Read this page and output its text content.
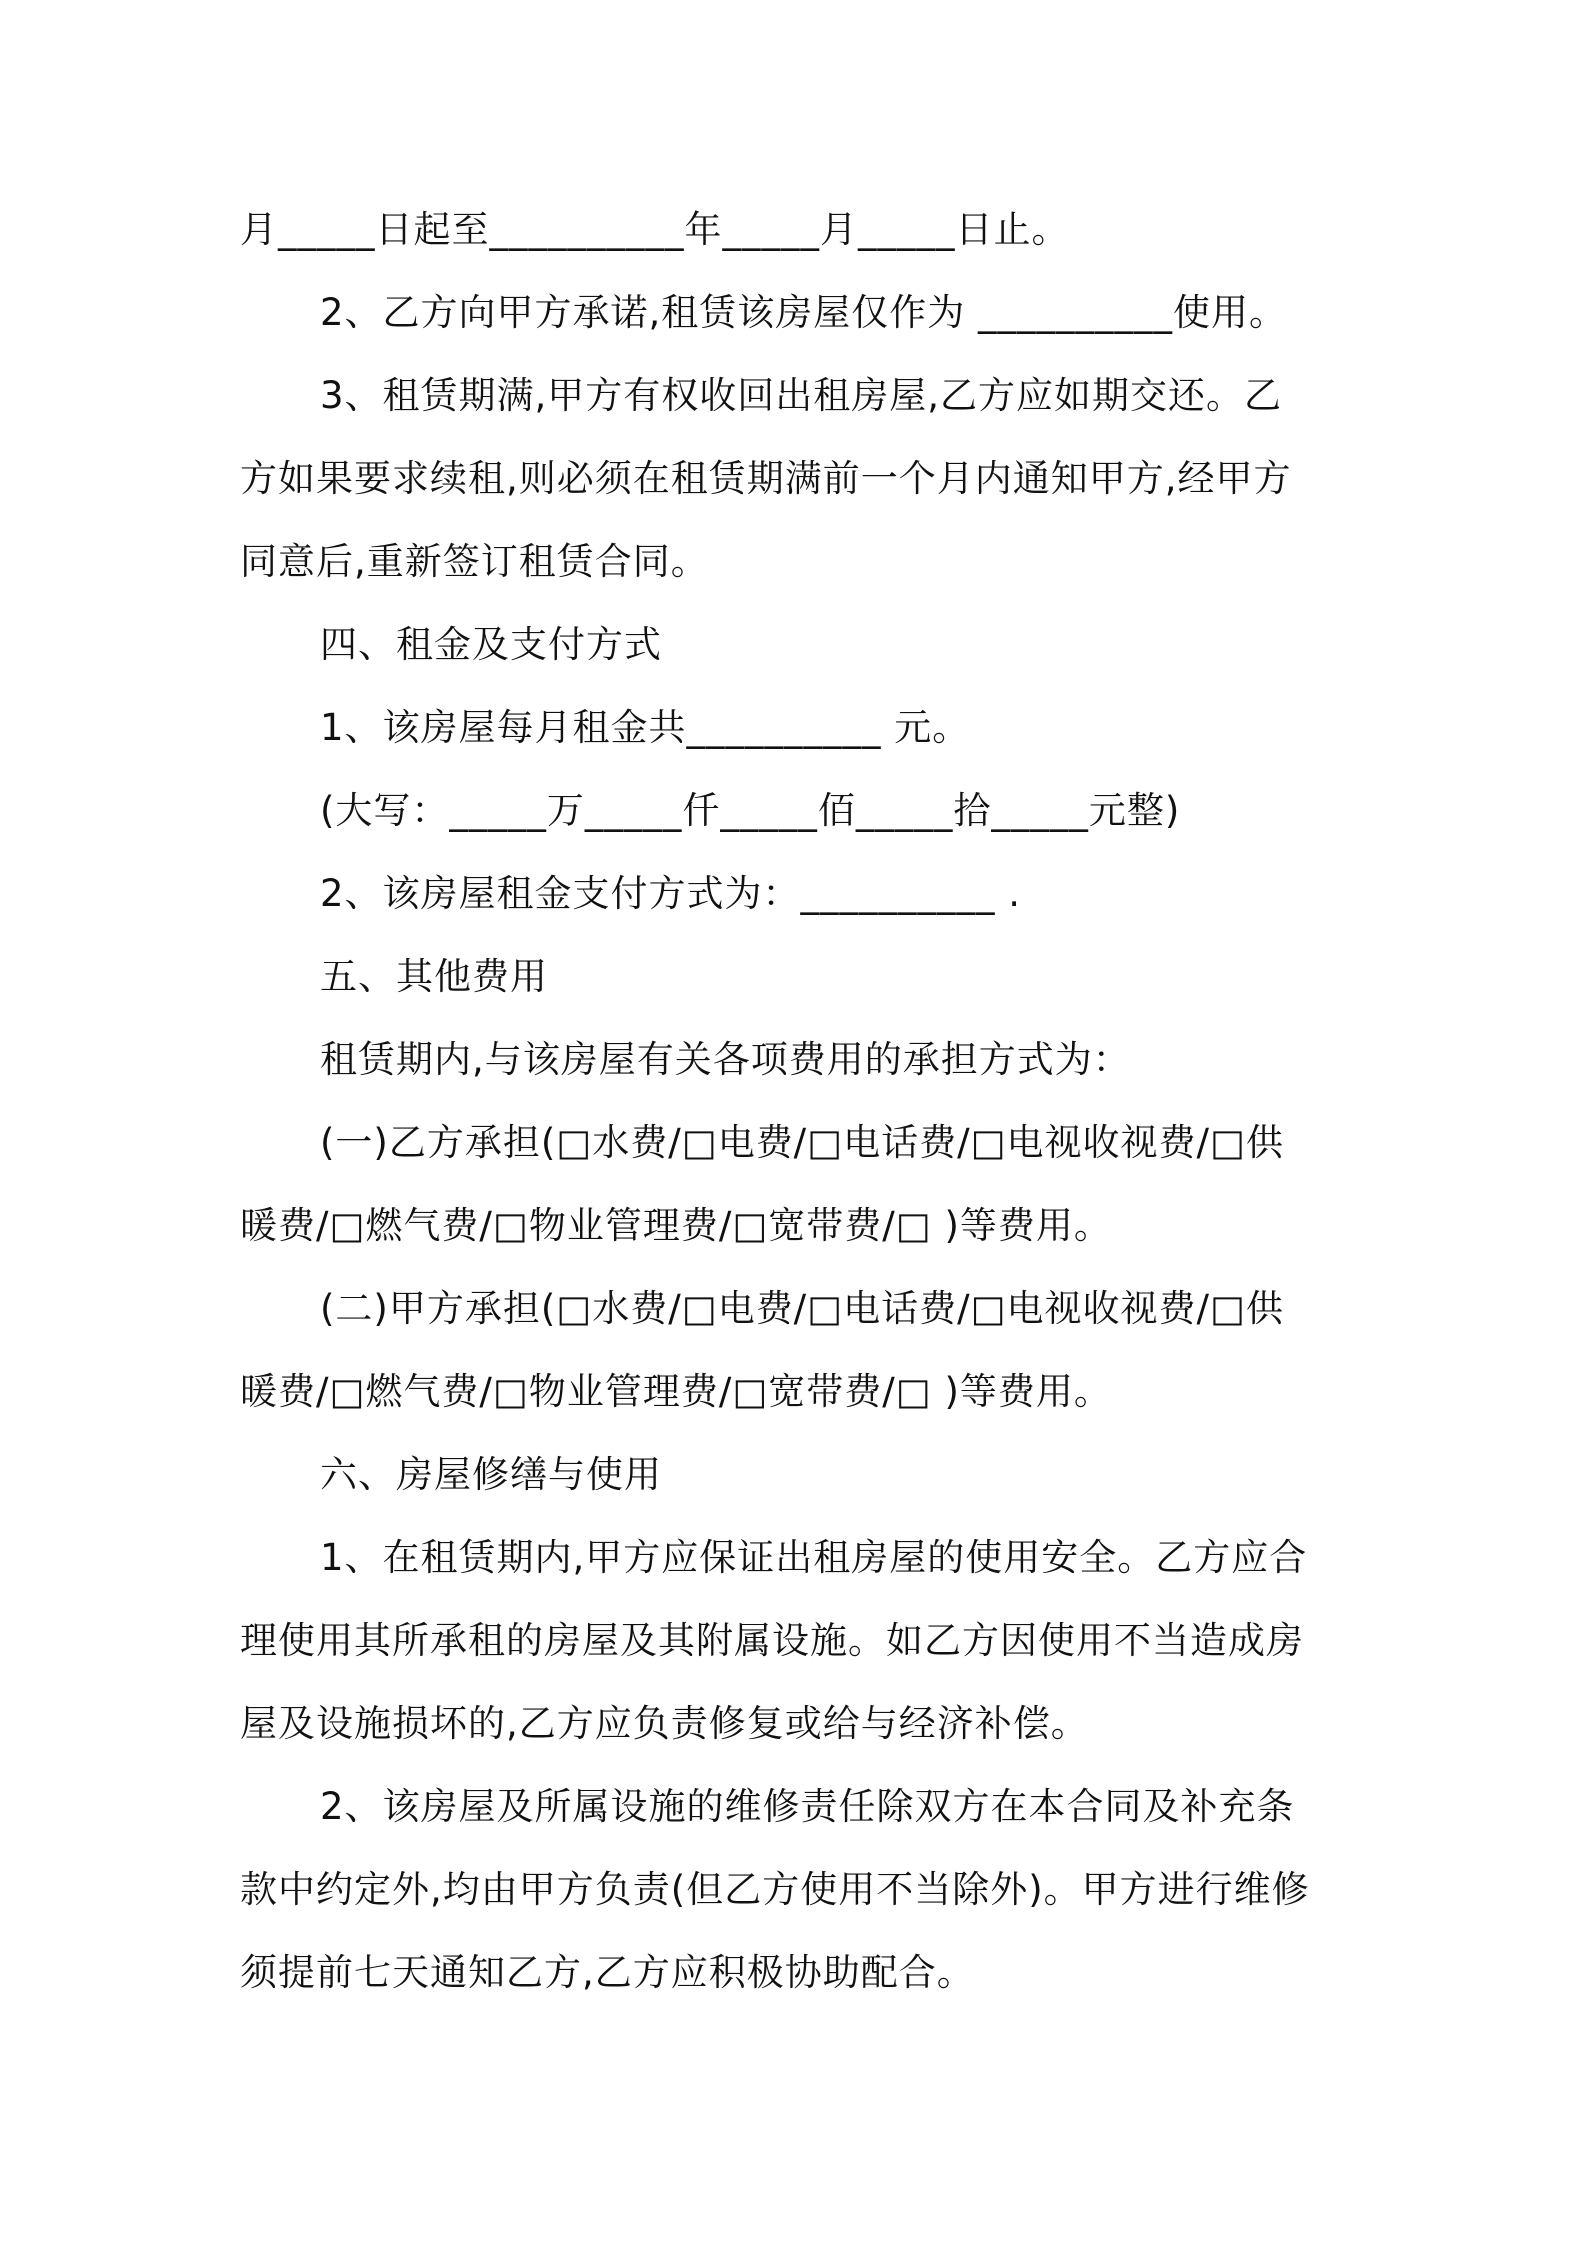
月_____日起至__________年_____月_____日止。
2、乙方向甲方承诺,租赁该房屋仅作为 __________使用。
3、租赁期满,甲方有权收回出租房屋,乙方应如期交还。乙
方如果要求续租,则必须在租赁期满前一个月内通知甲方,经甲方
同意后,重新签订租赁合同。
四、租金及支付方式
1、该房屋每月租金共__________ 元。
(大写：_____万_____仟_____佰_____拾_____元整)
2、该房屋租金支付方式为：__________ .
五、其他费用
租赁期内,与该房屋有关各项费用的承担方式为：
(一)乙方承担(□水费/□电费/□电话费/□电视收视费/□供
暖费/□燃气费/□物业管理费/□宽带费/□ )等费用。
(二)甲方承担(□水费/□电费/□电话费/□电视收视费/□供
暖费/□燃气费/□物业管理费/□宽带费/□ )等费用。
六、房屋修缮与使用
1、在租赁期内,甲方应保证出租房屋的使用安全。乙方应合
理使用其所承租的房屋及其附属设施。如乙方因使用不当造成房
屋及设施损坏的,乙方应负责修复或给与经济补偿。
2、该房屋及所属设施的维修责任除双方在本合同及补充条
款中约定外,均由甲方负责(但乙方使用不当除外)。甲方进行维修
须提前七天通知乙方,乙方应积极协助配合。
